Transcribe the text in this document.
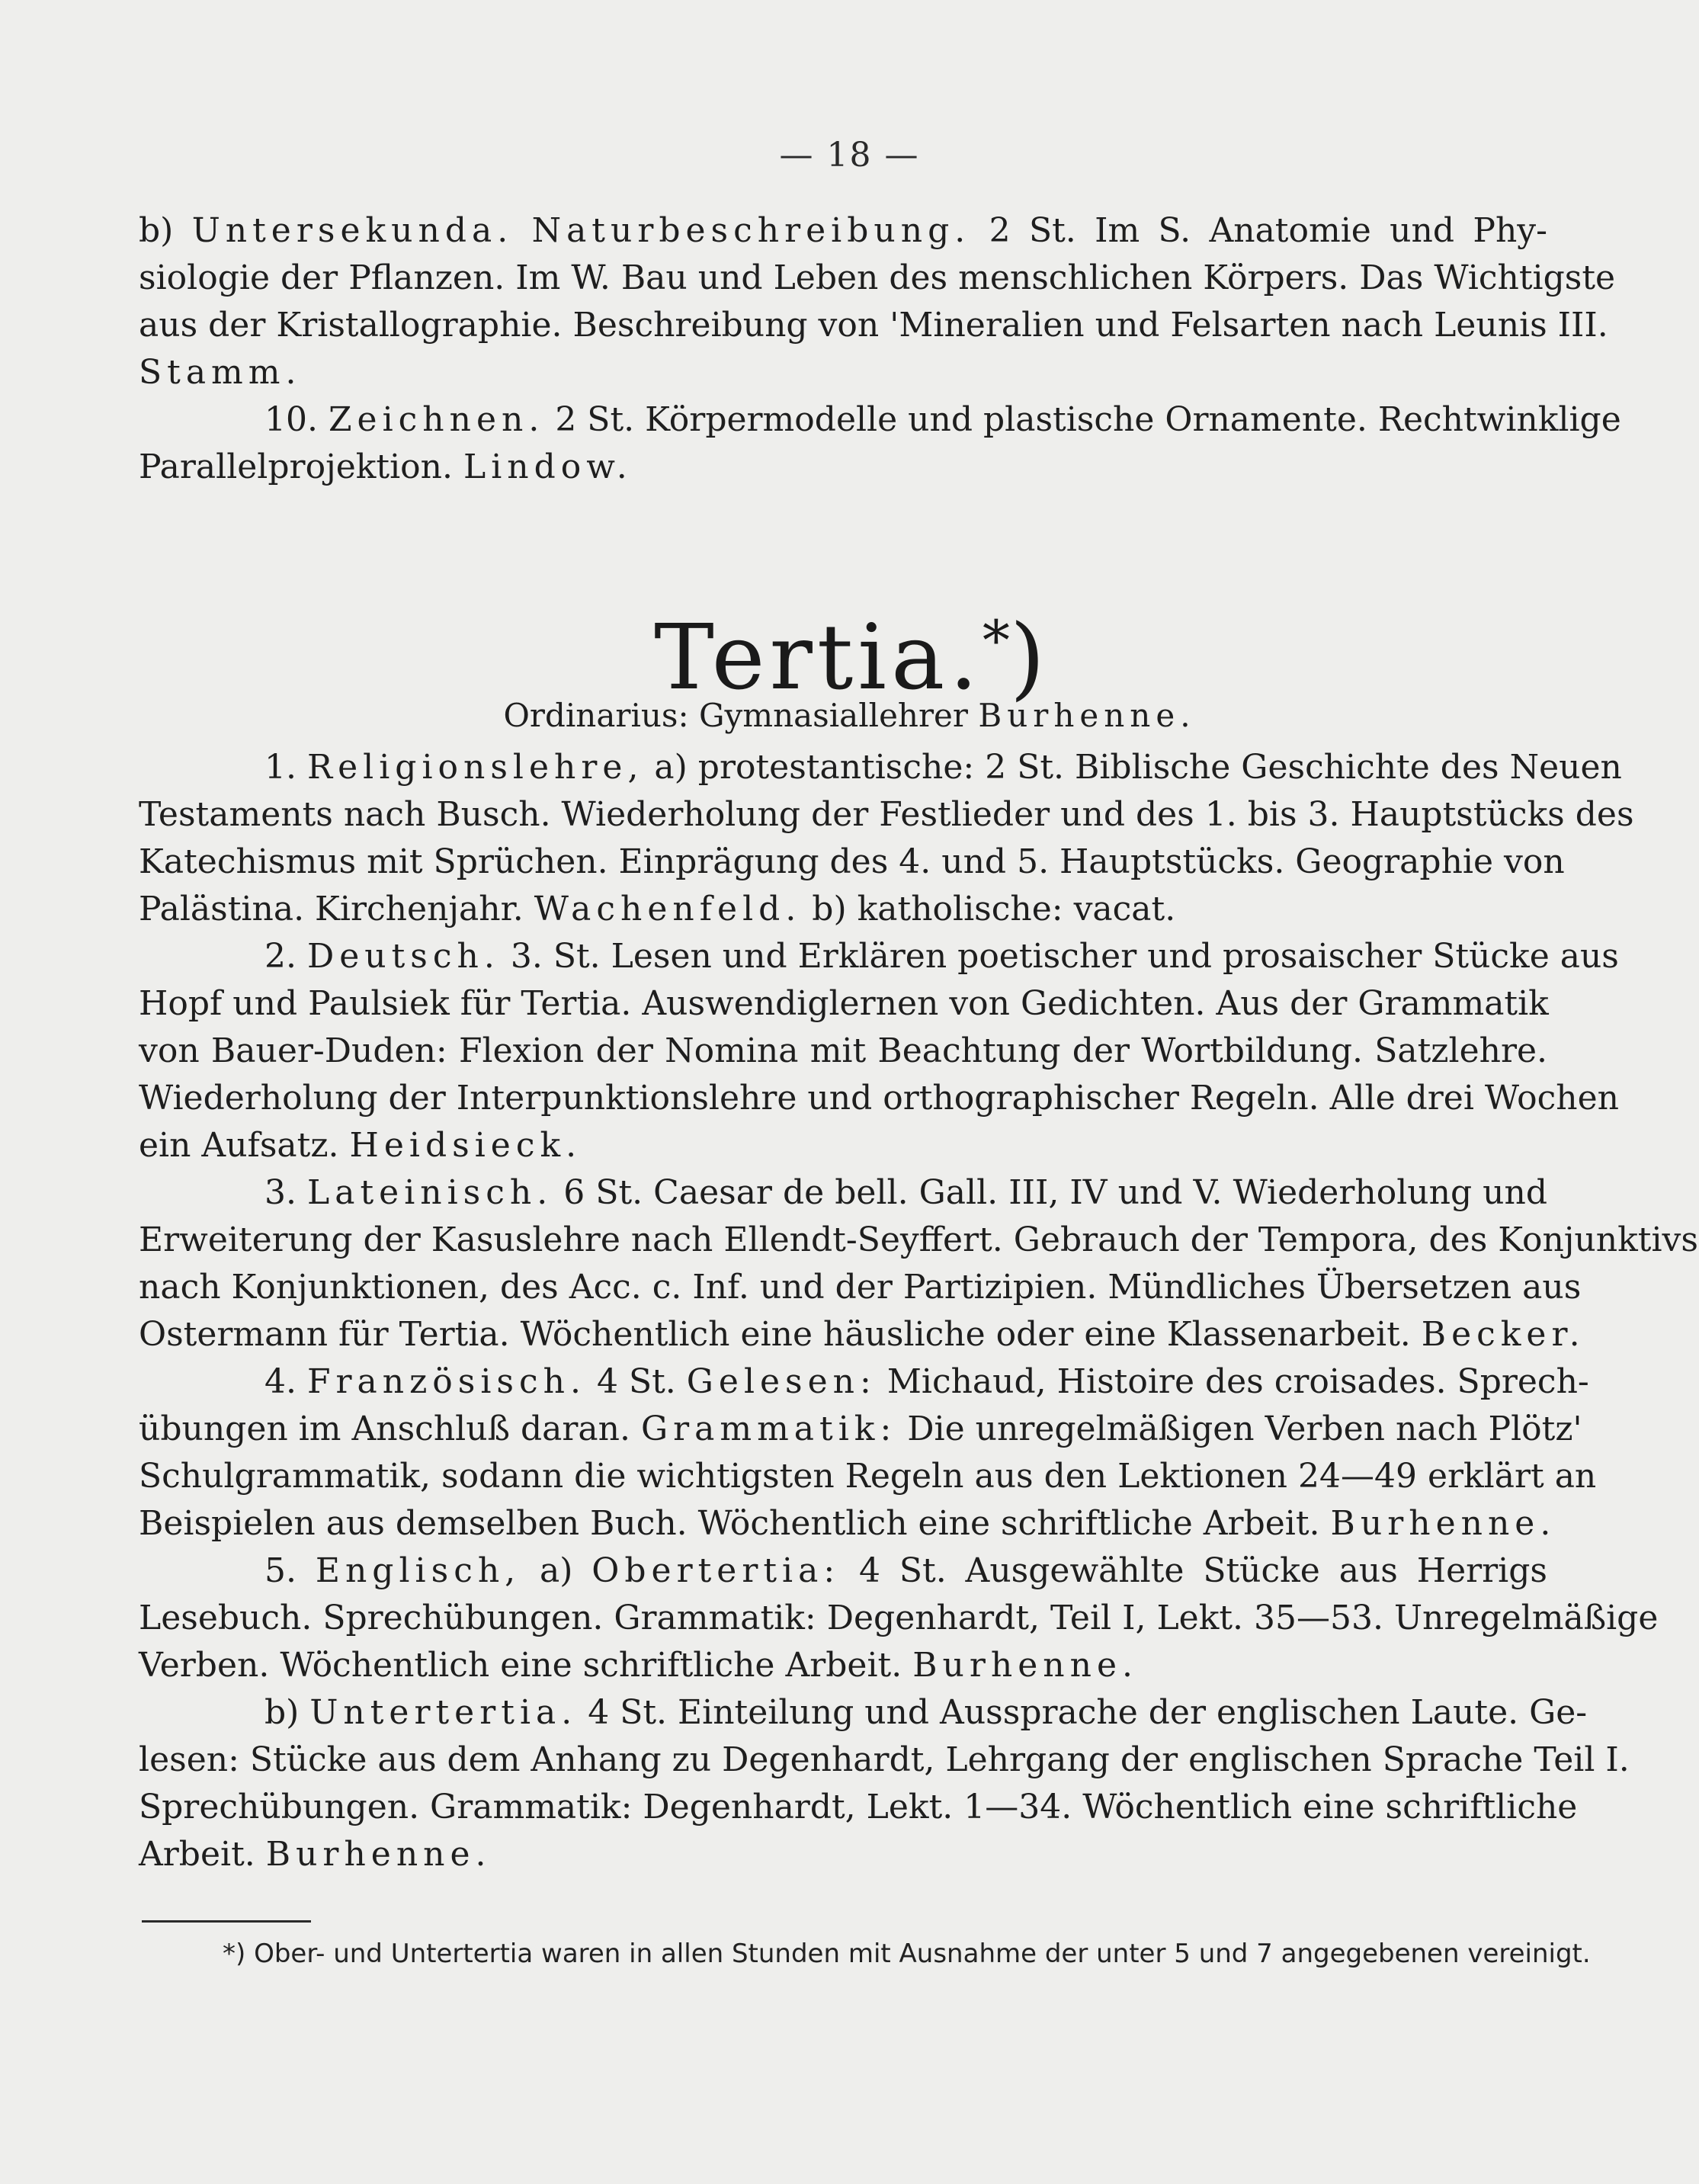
— 18 —
b) Untersekunda. Naturbeschreibung. 2 St. Im S. Anatomie und Phy-
siologie der Pflanzen. Im W. Bau und Leben des menschlichen Körpers. Das Wichtigste
aus der Kristallographie. Beschreibung von 'Mineralien und Felsarten nach Leunis III.
Stamm.
10. Zeichnen. 2 St. Körpermodelle und plastische Ornamente. Rechtwinklige
Parallelprojektion. Lindow.
Tertia.*)
Ordinarius: Gymnasiallehrer Burhenne.
1. Religionslehre, a) protestantische: 2 St. Biblische Geschichte des Neuen
Testaments nach Busch. Wiederholung der Festlieder und des 1. bis 3. Hauptstücks des
Katechismus mit Sprüchen. Einprägung des 4. und 5. Hauptstücks. Geographie von
Palästina. Kirchenjahr. Wachenfeld. b) katholische: vacat.
2. Deutsch. 3. St. Lesen und Erklären poetischer und prosaischer Stücke aus
Hopf und Paulsiek für Tertia. Auswendiglernen von Gedichten. Aus der Grammatik
von Bauer-Duden: Flexion der Nomina mit Beachtung der Wortbildung. Satzlehre.
Wiederholung der Interpunktionslehre und orthographischer Regeln. Alle drei Wochen
ein Aufsatz. Heidsieck.
3. Lateinisch. 6 St. Caesar de bell. Gall. III, IV und V. Wiederholung und
Erweiterung der Kasuslehre nach Ellendt-Seyffert. Gebrauch der Tempora, des Konjunktivs
nach Konjunktionen, des Acc. c. Inf. und der Partizipien. Mündliches Übersetzen aus
Ostermann für Tertia. Wöchentlich eine häusliche oder eine Klassenarbeit. Becker.
4. Französisch. 4 St. Gelesen: Michaud, Histoire des croisades. Sprech-
übungen im Anschluß daran. Grammatik: Die unregelmäßigen Verben nach Plötz'
Schulgrammatik, sodann die wichtigsten Regeln aus den Lektionen 24—49 erklärt an
Beispielen aus demselben Buch. Wöchentlich eine schriftliche Arbeit. Burhenne.
5. Englisch, a) Obertertia: 4 St. Ausgewählte Stücke aus Herrigs
Lesebuch. Sprechübungen. Grammatik: Degenhardt, Teil I, Lekt. 35—53. Unregelmäßige
Verben. Wöchentlich eine schriftliche Arbeit. Burhenne.
b) Untertertia. 4 St. Einteilung und Aussprache der englischen Laute. Ge-
lesen: Stücke aus dem Anhang zu Degenhardt, Lehrgang der englischen Sprache Teil I.
Sprechübungen. Grammatik: Degenhardt, Lekt. 1—34. Wöchentlich eine schriftliche
Arbeit. Burhenne.
*) Ober- und Untertertia waren in allen Stunden mit Ausnahme der unter 5 und 7 angegebenen vereinigt.
